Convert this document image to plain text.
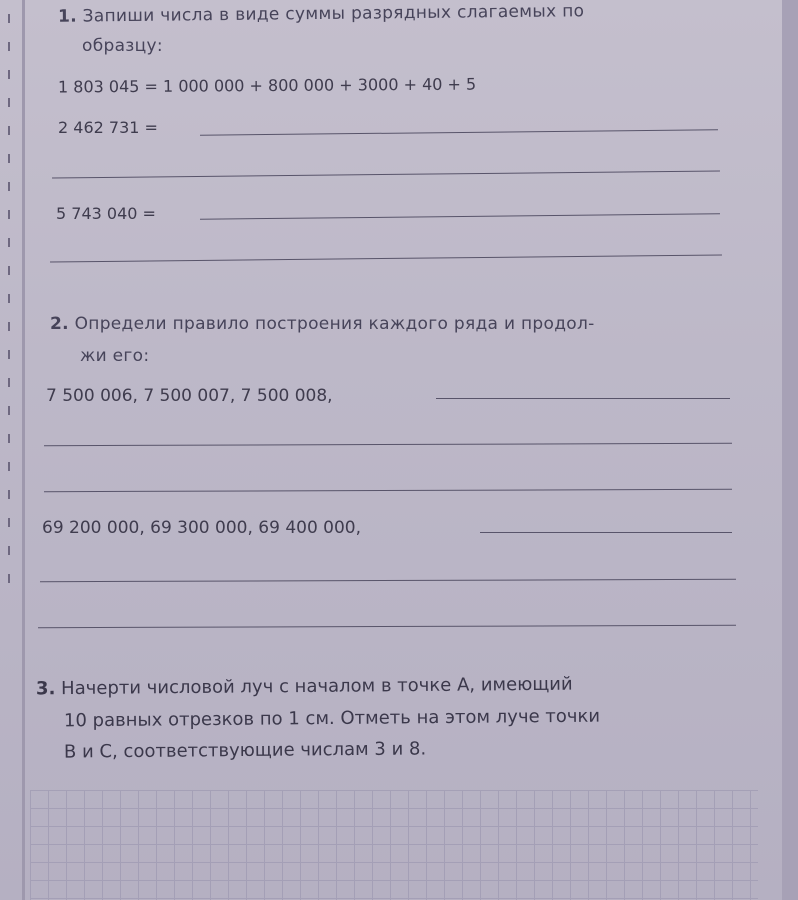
1. Запиши числа в виде суммы разрядных слагаемых по
образцу:
1 803 045 = 1 000 000 + 800 000 + 3000 + 40 + 5
2 462 731 =
5 743 040 =
2. Определи правило построения каждого ряда и продол-
жи его:
7 500 006, 7 500 007, 7 500 008,
69 200 000, 69 300 000, 69 400 000,
3. Начерти числовой луч с началом в точке А, имеющий
10 равных отрезков по 1 см. Отметь на этом луче точки
В и С, соответствующие числам 3 и 8.
